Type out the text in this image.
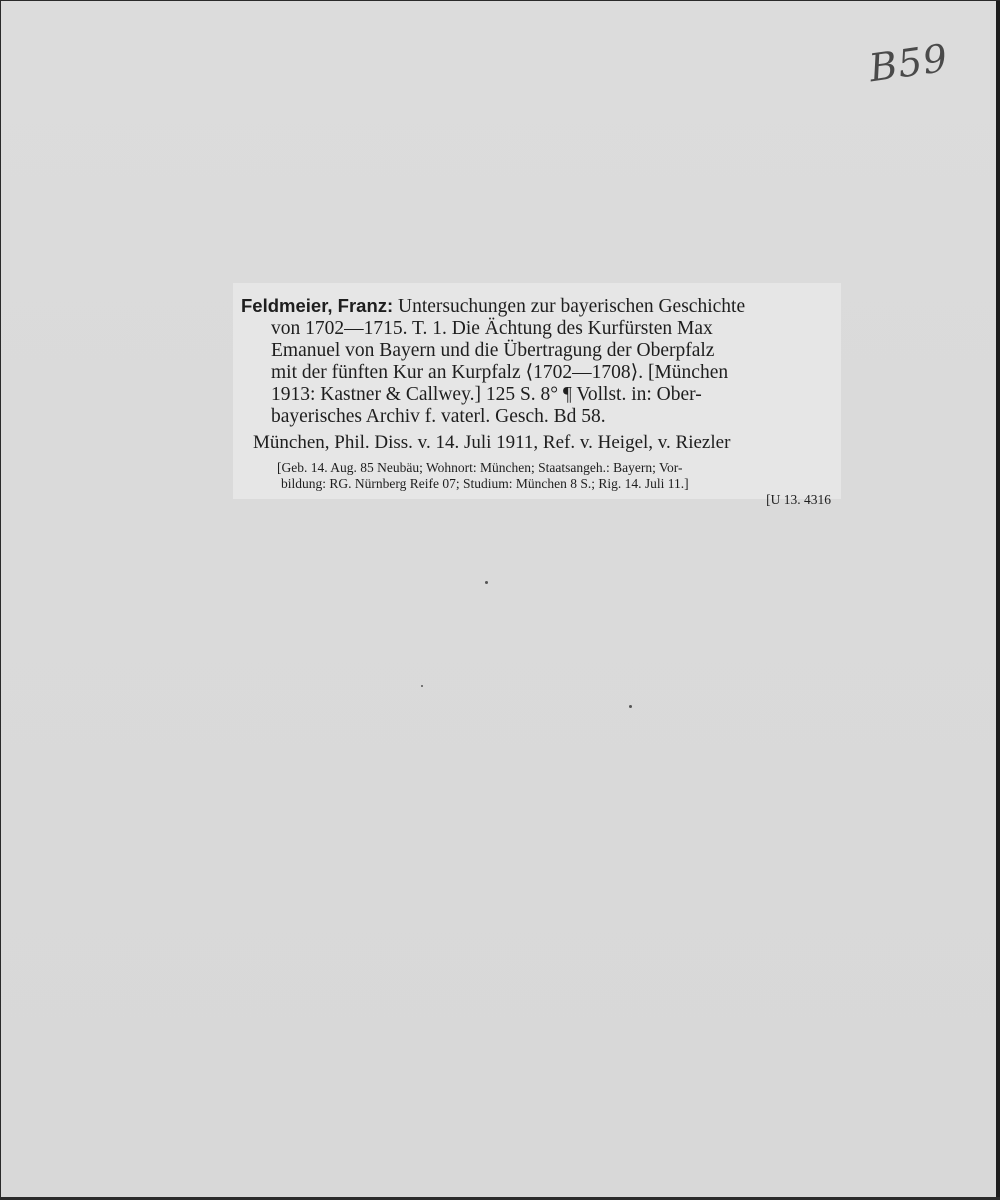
B59
Feldmeier, Franz: Untersuchungen zur bayerischen Geschichte
von 1702—1715. T. 1. Die Ächtung des Kurfürsten Max
Emanuel von Bayern und die Übertragung der Oberpfalz
mit der fünften Kur an Kurpfalz ⟨1702—1708⟩. [München
1913: Kastner & Callwey.] 125 S. 8° ¶ Vollst. in: Ober-
bayerisches Archiv f. vaterl. Gesch. Bd 58.
München, Phil. Diss. v. 14. Juli 1911, Ref. v. Heigel, v. Riezler
[Geb. 14. Aug. 85 Neubäu; Wohnort: München; Staatsangeh.: Bayern; Vor-
bildung: RG. Nürnberg Reife 07; Studium: München 8 S.; Rig. 14. Juli 11.]
[U 13. 4316
